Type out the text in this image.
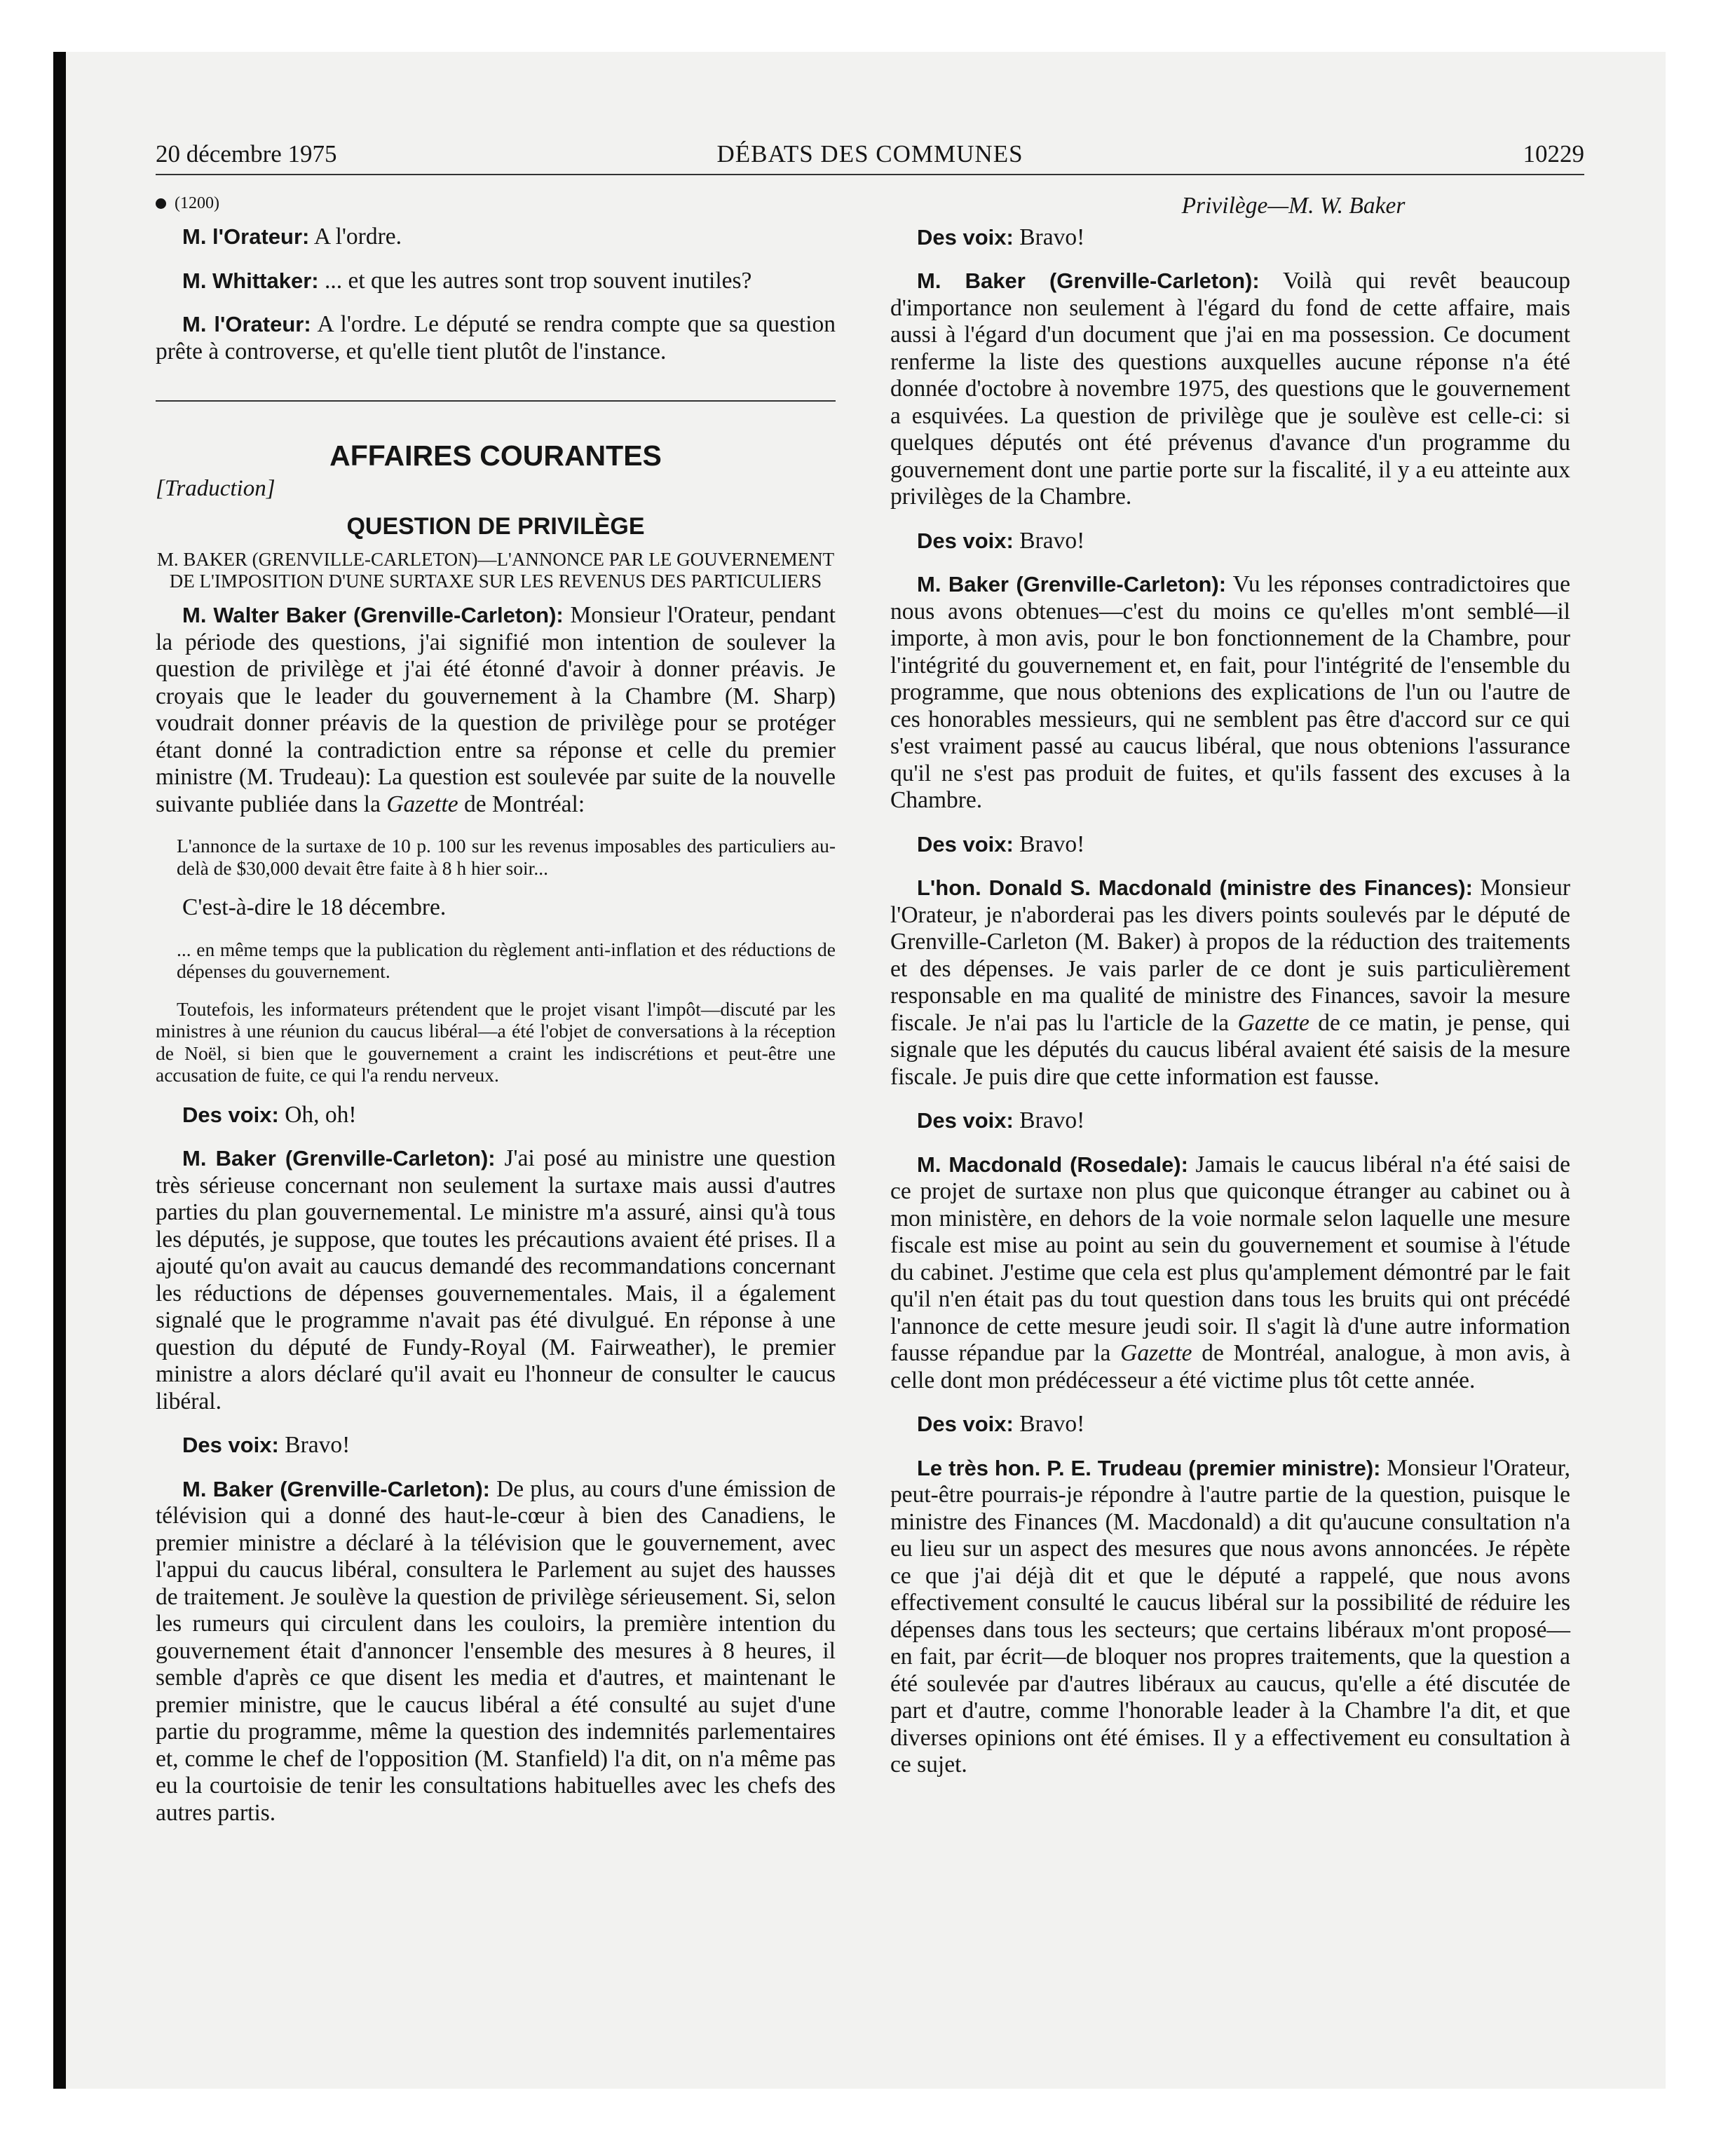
20 décembre 1975	DÉBATS DES COMMUNES	10229
(1200)

M. l'Orateur: A l'ordre.

M. Whittaker: ... et que les autres sont trop souvent inutiles?

M. l'Orateur: A l'ordre. Le député se rendra compte que sa question prête à controverse, et qu'elle tient plutôt de l'instance.

AFFAIRES COURANTES
[Traduction]
QUESTION DE PRIVILÈGE
M. BAKER (GRENVILLE-CARLETON)—L'ANNONCE PAR LE GOUVERNEMENT DE L'IMPOSITION D'UNE SURTAXE SUR LES REVENUS DES PARTICULIERS

M. Walter Baker (Grenville-Carleton): Monsieur l'Orateur, pendant la période des questions, j'ai signifié mon intention de soulever la question de privilège et j'ai été étonné d'avoir à donner préavis. Je croyais que le leader du gouvernement à la Chambre (M. Sharp) voudrait donner préavis de la question de privilège pour se protéger étant donné la contradiction entre sa réponse et celle du premier ministre (M. Trudeau): La question est soulevée par suite de la nouvelle suivante publiée dans la Gazette de Montréal:

L'annonce de la surtaxe de 10 p. 100 sur les revenus imposables des particuliers au-delà de $30,000 devait être faite à 8 h hier soir...

C'est-à-dire le 18 décembre.

... en même temps que la publication du règlement anti-inflation et des réductions de dépenses du gouvernement.

Toutefois, les informateurs prétendent que le projet visant l'impôt—discuté par les ministres à une réunion du caucus libéral—a été l'objet de conversations à la réception de Noël, si bien que le gouvernement a craint les indiscrétions et peut-être une accusation de fuite, ce qui l'a rendu nerveux.

Des voix: Oh, oh!

M. Baker (Grenville-Carleton): J'ai posé au ministre une question très sérieuse concernant non seulement la surtaxe mais aussi d'autres parties du plan gouvernemental. Le ministre m'a assuré, ainsi qu'à tous les députés, je suppose, que toutes les précautions avaient été prises. Il a ajouté qu'on avait au caucus demandé des recommandations concernant les réductions de dépenses gouvernementales. Mais, il a également signalé que le programme n'avait pas été divulgué. En réponse à une question du député de Fundy-Royal (M. Fairweather), le premier ministre a alors déclaré qu'il avait eu l'honneur de consulter le caucus libéral.

Des voix: Bravo!

M. Baker (Grenville-Carleton): De plus, au cours d'une émission de télévision qui a donné des haut-le-cœur à bien des Canadiens, le premier ministre a déclaré à la télévision que le gouvernement, avec l'appui du caucus libéral, consultera le Parlement au sujet des hausses de traitement. Je soulève la question de privilège sérieusement. Si, selon les rumeurs qui circulent dans les couloirs, la première intention du gouvernement était d'annoncer l'ensemble des mesures à 8 heures, il semble d'après ce que disent les media et d'autres, et maintenant le premier ministre, que le caucus libéral a été consulté au sujet d'une partie du programme, même la question des indemnités parlementaires et, comme le chef de l'opposition (M. Stanfield) l'a dit, on n'a même pas eu la courtoisie de tenir les consultations habituelles avec les chefs des autres partis.

Privilège—M. W. Baker

Des voix: Bravo!

M. Baker (Grenville-Carleton): Voilà qui revêt beaucoup d'importance non seulement à l'égard du fond de cette affaire, mais aussi à l'égard d'un document que j'ai en ma possession. Ce document renferme la liste des questions auxquelles aucune réponse n'a été donnée d'octobre à novembre 1975, des questions que le gouvernement a esquivées. La question de privilège que je soulève est celle-ci: si quelques députés ont été prévenus d'avance d'un programme du gouvernement dont une partie porte sur la fiscalité, il y a eu atteinte aux privilèges de la Chambre.

Des voix: Bravo!

M. Baker (Grenville-Carleton): Vu les réponses contradictoires que nous avons obtenues—c'est du moins ce qu'elles m'ont semblé—il importe, à mon avis, pour le bon fonctionnement de la Chambre, pour l'intégrité du gouvernement et, en fait, pour l'intégrité de l'ensemble du programme, que nous obtenions des explications de l'un ou l'autre de ces honorables messieurs, qui ne semblent pas être d'accord sur ce qui s'est vraiment passé au caucus libéral, que nous obtenions l'assurance qu'il ne s'est pas produit de fuites, et qu'ils fassent des excuses à la Chambre.

Des voix: Bravo!

L'hon. Donald S. Macdonald (ministre des Finances): Monsieur l'Orateur, je n'aborderai pas les divers points soulevés par le député de Grenville-Carleton (M. Baker) à propos de la réduction des traitements et des dépenses. Je vais parler de ce dont je suis particulièrement responsable en ma qualité de ministre des Finances, savoir la mesure fiscale. Je n'ai pas lu l'article de la Gazette de ce matin, je pense, qui signale que les députés du caucus libéral avaient été saisis de la mesure fiscale. Je puis dire que cette information est fausse.

Des voix: Bravo!

M. Macdonald (Rosedale): Jamais le caucus libéral n'a été saisi de ce projet de surtaxe non plus que quiconque étranger au cabinet ou à mon ministère, en dehors de la voie normale selon laquelle une mesure fiscale est mise au point au sein du gouvernement et soumise à l'étude du cabinet. J'estime que cela est plus qu'amplement démontré par le fait qu'il n'en était pas du tout question dans tous les bruits qui ont précédé l'annonce de cette mesure jeudi soir. Il s'agit là d'une autre information fausse répandue par la Gazette de Montréal, analogue, à mon avis, à celle dont mon prédécesseur a été victime plus tôt cette année.

Des voix: Bravo!

Le très hon. P. E. Trudeau (premier ministre): Monsieur l'Orateur, peut-être pourrais-je répondre à l'autre partie de la question, puisque le ministre des Finances (M. Macdonald) a dit qu'aucune consultation n'a eu lieu sur un aspect des mesures que nous avons annoncées. Je répète ce que j'ai déjà dit et que le député a rappelé, que nous avons effectivement consulté le caucus libéral sur la possibilité de réduire les dépenses dans tous les secteurs; que certains libéraux m'ont proposé—en fait, par écrit—de bloquer nos propres traitements, que la question a été soulevée par d'autres libéraux au caucus, qu'elle a été discutée de part et d'autre, comme l'honorable leader à la Chambre l'a dit, et que diverses opinions ont été émises. Il y a effectivement eu consultation à ce sujet.
